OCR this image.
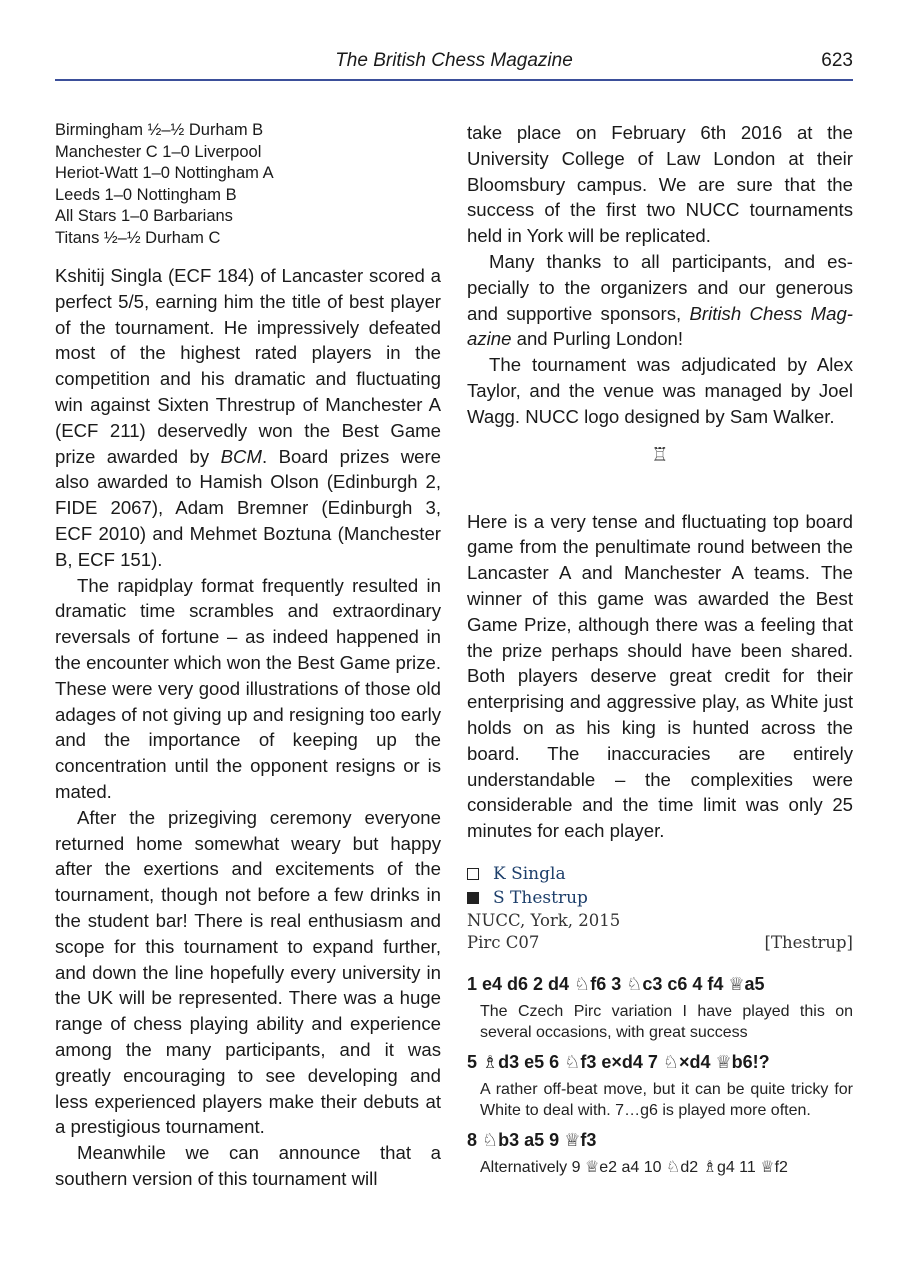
The British Chess Magazine	623
Birmingham ½–½ Durham B
Manchester C 1–0 Liverpool
Heriot-Watt 1–0 Nottingham A
Leeds 1–0 Nottingham B
All Stars 1–0 Barbarians
Titans ½–½ Durham C

Kshitij Singla (ECF 184) of Lancaster scored a perfect 5/5, earning him the title of best player of the tournament. He impressively defeated most of the highest rated players in the competition and his dramatic and fluctuating win against Sixten Threstrup of Manchester A (ECF 211) deservedly won the Best Game prize awarded by BCM. Board prizes were also awarded to Hamish Olson (Edinburgh 2, FIDE 2067), Adam Bremner (Edinburgh 3, ECF 2010) and Mehmet Boztuna (Manchester B, ECF 151).

The rapidplay format frequently resulted in dramatic time scrambles and extraordinary reversals of fortune – as indeed happened in the encounter which won the Best Game prize. These were very good illustrations of those old adages of not giving up and resigning too early and the importance of keeping up the concentration until the opponent resigns or is mated.

After the prizegiving ceremony everyone returned home somewhat weary but happy after the exertions and excitements of the tournament, though not before a few drinks in the student bar! There is real enthusiasm and scope for this tournament to expand further, and down the line hopefully every university in the UK will be represented. There was a huge range of chess playing ability and experience among the many participants, and it was greatly encouraging to see developing and less experienced players make their debuts at a prestigious tournament.

Meanwhile we can announce that a southern version of this tournament will

take place on February 6th 2016 at the University College of Law London at their Bloomsbury campus. We are sure that the success of the first two NUCC tournaments held in York will be replicated.

Many thanks to all participants, and especially to the organizers and our generous and supportive sponsors, British Chess Magazine and Purling London!

The tournament was adjudicated by Alex Taylor, and the venue was managed by Joel Wagg. NUCC logo designed by Sam Walker.

♖

Here is a very tense and fluctuating top board game from the penultimate round between the Lancaster A and Manchester A teams. The winner of this game was awarded the Best Game Prize, although there was a feeling that the prize perhaps should have been shared. Both players deserve great credit for their enterprising and aggressive play, as White just holds on as his king is hunted across the board. The inaccuracies are entirely understandable – the complexities were considerable and the time limit was only 25 minutes for each player.

K Singla
S Thestrup
NUCC, York, 2015
Pirc C07	[Thestrup]
1 e4 d6 2 d4 ♘f6 3 ♘c3 c6 4 f4 ♕a5
The Czech Pirc variation I have played this on several occasions, with great success
5 ♗d3 e5 6 ♘f3 e×d4 7 ♘×d4 ♕b6!?
A rather off-beat move, but it can be quite tricky for White to deal with. 7…g6 is played more often.
8 ♘b3 a5 9 ♕f3
Alternatively 9 ♕e2 a4 10 ♘d2 ♗g4 11 ♕f2
